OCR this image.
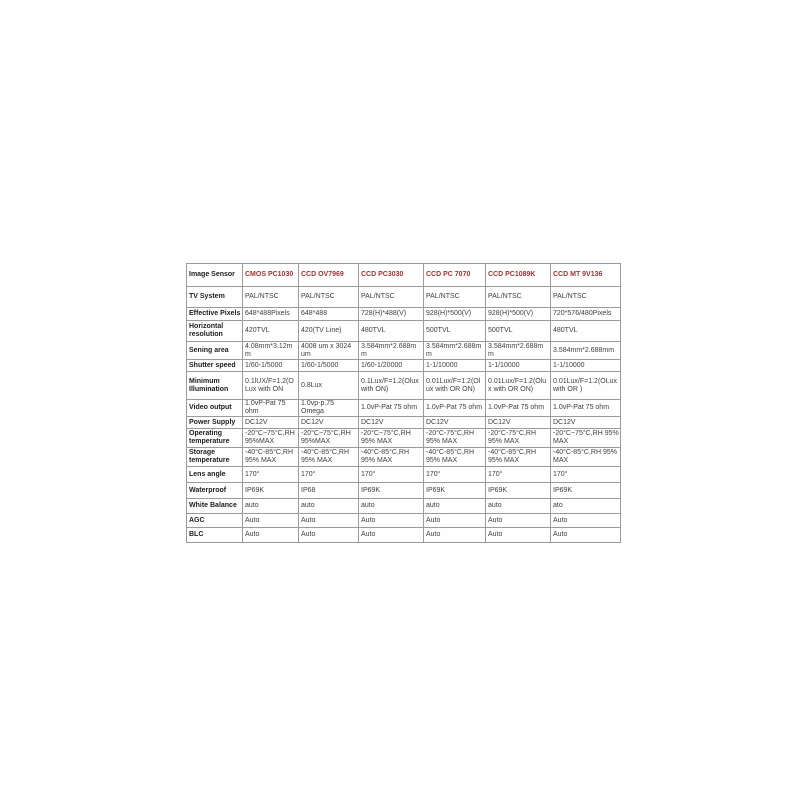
Image Sensor	CMOS PC1030	CCD OV7969	CCD PC3030	CCD PC 7070	CCD PC1089K	CCD MT 9V136
TV System	PAL/NTSC	PAL/NTSC	PAL/NTSC	PAL/NTSC	PAL/NTSC	PAL/NTSC
Effective Pixels	648*488Pixels	648*488	728(H)*488(V)	928(H)*500(V)	928(H)*500(V)	720*576/480Pixels
Horizontal resolution	420TVL	420(TV Line)	480TVL	500TVL	500TVL	480TVL
Sening area	4.08mm*3.12mm	4008 um x 3024 um	3.584mm*2.688mm	3.584mm*2.688mm	3.584mm*2.688mm	3.584mm*2.688mm
Shutter speed	1/60-1/5000	1/60-1/5000	1/60-1/20000	1-1/10000	1-1/10000	1-1/10000
Minimum Illumination	0.1lUX/F=1.2(OLux with ON	0.8Lux	0.1Lux/F=1.2(Olux with ON)	0.01Lux/F=1.2(Olux with OR ON)	0.01Lux/F=1.2(Olux with OR ON)	0.01Lux/F=1.2(OLux with OR )
Video output	1.0vP-Pat 75 ohm	1.0vp-p.75 Omega	1.0vP-Pat 75 ohm	1.0vP-Pat 75 ohm	1.0vP-Pat 75 ohm	1.0vP-Pat 75 ohm
Power Supply	DC12V	DC12V	DC12V	DC12V	DC12V	DC12V
Operating temperature	-20°C~75°C,RH 95%MAX	-20°C~75°C,RH 95%MAX	-20°C~75°C,RH 95% MAX	-20°C-75°C,RH 95% MAX	-20°C-75°C,RH 95% MAX	-20°C~75°C,RH 95% MAX
Storage temperature	-40°C-85°C,RH 95% MAX	-40°C-85°C,RH 95% MAX	-40°C-85°C,RH 95% MAX	-40°C-85°C,RH 95% MAX	-40°C-85°C,RH 95% MAX	-40°C-85°C,RH 95% MAX
Lens angle	170°	170°	170°	170°	170°	170°
Waterproof	IP69K	IP68	IP69K	IP69K	IP69K	IP69K
White Balance	auto	auto	auto	auto	auto	ato
AGC	Auto	Auto	Auto	Auto	Auto	Auto
BLC	Auto	Auto	Auto	Auto	Auto	Auto
